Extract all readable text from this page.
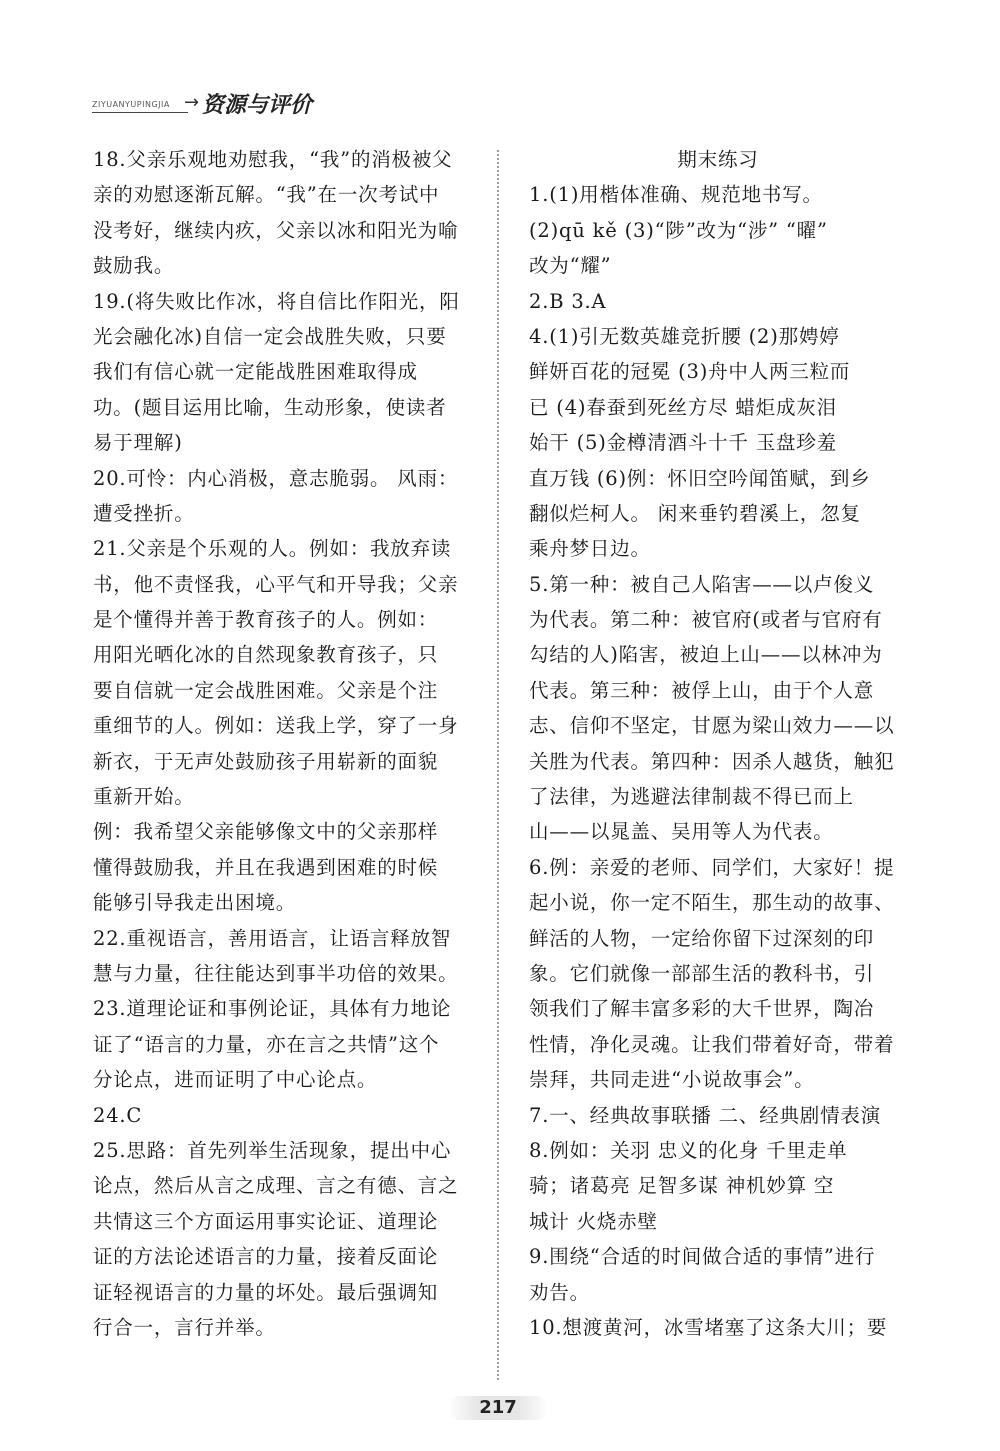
ZIYUANYUPINGJIA → 资源与评价
18.父亲乐观地劝慰我，“我”的消极被父
亲的劝慰逐渐瓦解。“我”在一次考试中
没考好，继续内疚，父亲以冰和阳光为喻
鼓励我。
19.(将失败比作冰，将自信比作阳光，阳
光会融化冰)自信一定会战胜失败，只要
我们有信心就一定能战胜困难取得成
功。(题目运用比喻，生动形象，使读者
易于理解)
20.可怜：内心消极，意志脆弱。 风雨：
遭受挫折。
21.父亲是个乐观的人。例如：我放弃读
书，他不责怪我，心平气和开导我；父亲
是个懂得并善于教育孩子的人。例如：
用阳光晒化冰的自然现象教育孩子，只
要自信就一定会战胜困难。父亲是个注
重细节的人。例如：送我上学，穿了一身
新衣，于无声处鼓励孩子用崭新的面貌
重新开始。
例：我希望父亲能够像文中的父亲那样
懂得鼓励我，并且在我遇到困难的时候
能够引导我走出困境。
22.重视语言，善用语言，让语言释放智
慧与力量，往往能达到事半功倍的效果。
23.道理论证和事例论证，具体有力地论
证了“语言的力量，亦在言之共情”这个
分论点，进而证明了中心论点。
24.C
25.思路：首先列举生活现象，提出中心
论点，然后从言之成理、言之有德、言之
共情这三个方面运用事实论证、道理论
证的方法论述语言的力量，接着反面论
证轻视语言的力量的坏处。最后强调知
行合一，言行并举。
期末练习
1.(1)用楷体准确、规范地书写。
(2)qū kě (3)“陟”改为“涉” “曜”
改为“耀”
2.B 3.A
4.(1)引无数英雄竞折腰 (2)那娉婷
鲜妍百花的冠冕 (3)舟中人两三粒而
已 (4)春蚕到死丝方尽 蜡炬成灰泪
始干 (5)金樽清酒斗十千 玉盘珍羞
直万钱 (6)例：怀旧空吟闻笛赋，到乡
翻似烂柯人。 闲来垂钓碧溪上，忽复
乘舟梦日边。
5.第一种：被自己人陷害——以卢俊义
为代表。第二种：被官府(或者与官府有
勾结的人)陷害，被迫上山——以林冲为
代表。第三种：被俘上山，由于个人意
志、信仰不坚定，甘愿为梁山效力——以
关胜为代表。第四种：因杀人越货，触犯
了法律，为逃避法律制裁不得已而上
山——以晁盖、吴用等人为代表。
6.例：亲爱的老师、同学们，大家好！提
起小说，你一定不陌生，那生动的故事、
鲜活的人物，一定给你留下过深刻的印
象。它们就像一部部生活的教科书，引
领我们了解丰富多彩的大千世界，陶冶
性情，净化灵魂。让我们带着好奇，带着
崇拜，共同走进“小说故事会”。
7.一、经典故事联播 二、经典剧情表演
8.例如：关羽 忠义的化身 千里走单
骑；诸葛亮 足智多谋 神机妙算 空
城计 火烧赤壁
9.围绕“合适的时间做合适的事情”进行
劝告。
10.想渡黄河，冰雪堵塞了这条大川；要
217
